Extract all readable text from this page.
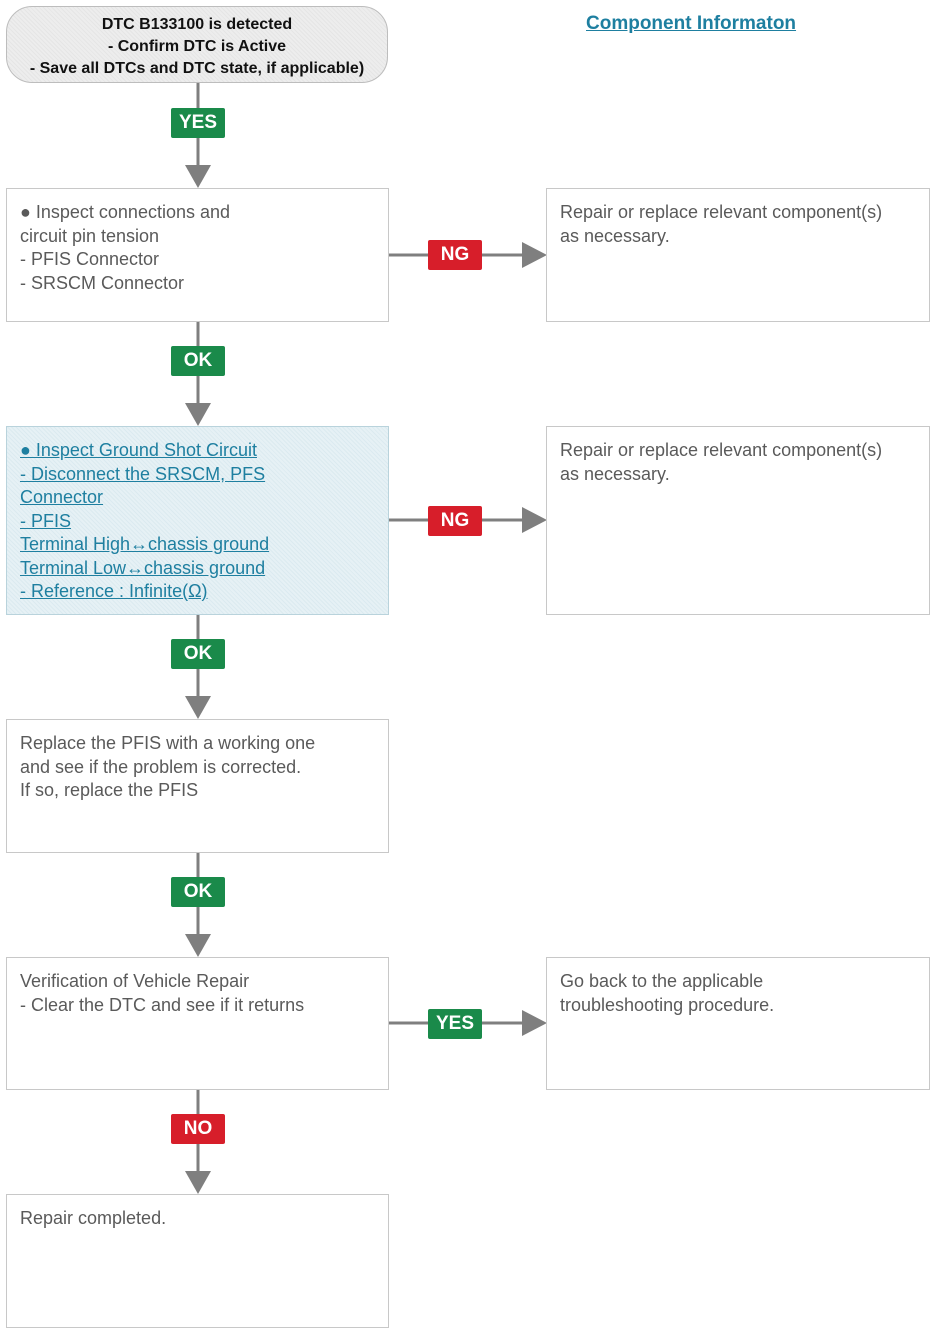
DTC B133100 is detected
- Confirm DTC is Active
- Save all DTCs and DTC state, if applicable)
Component Informaton
● Inspect connections and
circuit pin tension
- PFIS Connector
- SRSCM Connector
Repair or replace relevant component(s)
as necessary.
● Inspect Ground Shot Circuit
- Disconnect the SRSCM, PFS
Connector
- PFIS
Terminal High↔chassis ground
Terminal Low↔chassis ground
- Reference : Infinite(Ω)
Repair or replace relevant component(s)
as necessary.
Replace the PFIS with a working one
and see if the problem is corrected.
If so, replace the PFIS
Verification of Vehicle Repair
- Clear the DTC and see if it returns
Go back to the applicable
troubleshooting procedure.
Repair completed.
YES
NG
OK
NG
OK
OK
YES
NO
